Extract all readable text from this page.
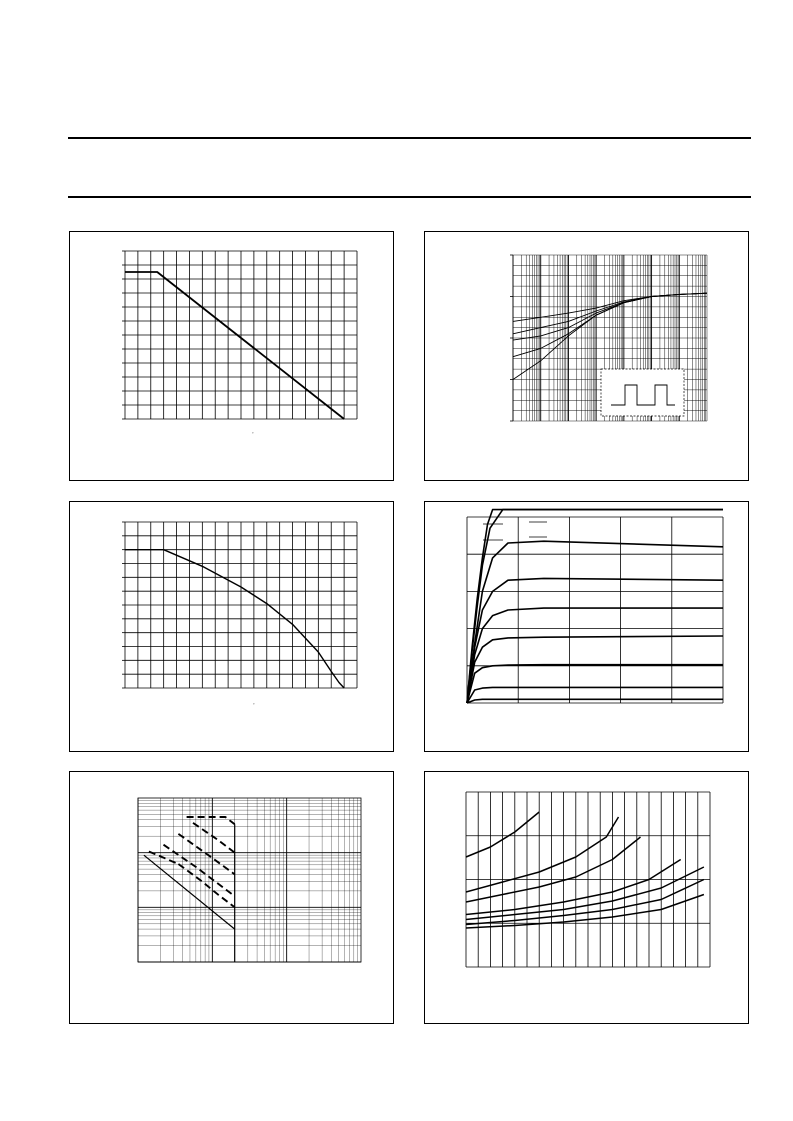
°
°
